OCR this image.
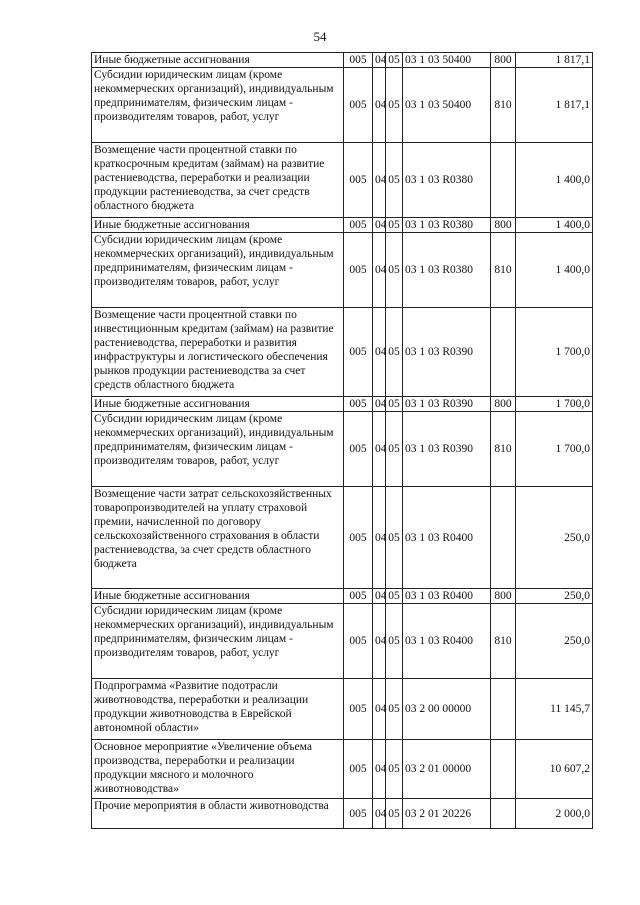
54
Иные бюджетные ассигнования	005	04	05	03 1 03 50400	800	1 817,1
Субсидии юридическим лицам (кроме некоммерческих организаций), индивидуальным предпринимателям, физическим лицам - производителям товаров, работ, услуг	005	04	05	03 1 03 50400	810	1 817,1
Возмещение части процентной ставки по краткосрочным кредитам (займам) на развитие растениеводства, переработки и реализации продукции растениеводства, за счет средств областного бюджета	005	04	05	03 1 03 R0380		1 400,0
Иные бюджетные ассигнования	005	04	05	03 1 03 R0380	800	1 400,0
Субсидии юридическим лицам (кроме некоммерческих организаций), индивидуальным предпринимателям, физическим лицам - производителям товаров, работ, услуг	005	04	05	03 1 03 R0380	810	1 400,0
Возмещение части процентной ставки по инвестиционным кредитам (займам) на развитие растениеводства, переработки и развития инфраструктуры и логистического обеспечения рынков продукции растениеводства за счет средств областного бюджета	005	04	05	03 1 03 R0390		1 700,0
Иные бюджетные ассигнования	005	04	05	03 1 03 R0390	800	1 700,0
Субсидии юридическим лицам (кроме некоммерческих организаций), индивидуальным предпринимателям, физическим лицам - производителям товаров, работ, услуг	005	04	05	03 1 03 R0390	810	1 700,0
Возмещение части затрат сельскохозяйственных товаропроизводителей на уплату страховой премии, начисленной по договору сельскохозяйственного страхования в области растениеводства, за счет средств областного бюджета	005	04	05	03 1 03 R0400		250,0
Иные бюджетные ассигнования	005	04	05	03 1 03 R0400	800	250,0
Субсидии юридическим лицам (кроме некоммерческих организаций), индивидуальным предпринимателям, физическим лицам - производителям товаров, работ, услуг	005	04	05	03 1 03 R0400	810	250,0
Подпрограмма «Развитие подотрасли животноводства, переработки и реализации продукции животноводства в Еврейской автономной области»	005	04	05	03 2 00 00000		11 145,7
Основное мероприятие «Увеличение объема производства, переработки и реализации продукции мясного и молочного животноводства»	005	04	05	03 2 01 00000		10 607,2
Прочие мероприятия в области животноводства	005	04	05	03 2 01 20226		2 000,0
